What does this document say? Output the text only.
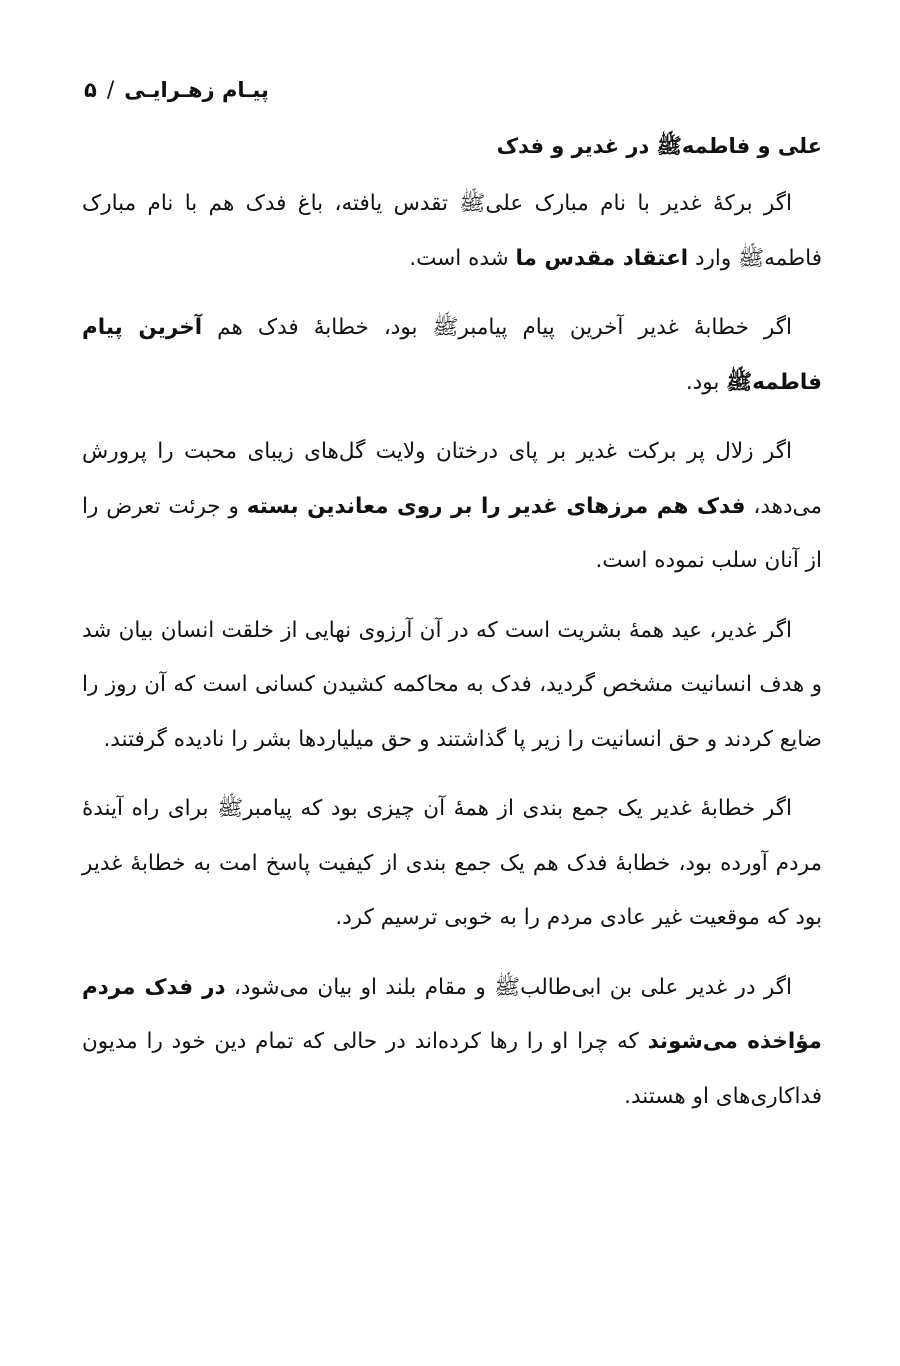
پیـام زهـرایـی
/
۵
علی و فاطمه‌ﷺ در غدیر و فدک

اگر برکهٔ غدیر با نام مبارک علی‌ﷺ تقدس یافته، باغ فدک هم با نام مبارک فاطمه‌ﷺ وارد اعتقاد مقدس ما شده است.

اگر خطابهٔ غدیر آخرین پیام پیامبرﷺ بود، خطابهٔ فدک هم آخرین پیام فاطمه‌ﷺ بود.

اگر زلال پر برکت غدیر بر پای درختان ولایت گل‌های زیبای محبت را پرورش می‌دهد، فدک هم مرزهای غدیر را بر روی معاندین بسته و جرئت تعرض را از آنان سلب نموده است.

اگر غدیر، عید همهٔ بشریت است که در آن آرزوی نهایی از خلقت انسان بیان شد و هدف انسانیت مشخص گردید، فدک به محاکمه کشیدن کسانی است که آن روز را ضایع کردند و حق انسانیت را زیر پا گذاشتند و حق میلیاردها بشر را نادیده گرفتند.

اگر خطابهٔ غدیر یک جمع بندی از همهٔ آن چیزی بود که پیامبرﷺ برای راه آیندهٔ مردم آورده بود، خطابهٔ فدک هم یک جمع بندی از کیفیت پاسخ امت به خطابهٔ غدیر بود که موقعیت غیر عادی مردم را به خوبی ترسیم کرد.

اگر در غدیر علی بن ابی‌طالب‌ﷺ و مقام بلند او بیان می‌شود، در فدک مردم مؤاخذه می‌شوند که چرا او را رها کرده‌اند در حالی که تمام دین خود را مدیون فداکاری‌های او هستند.
